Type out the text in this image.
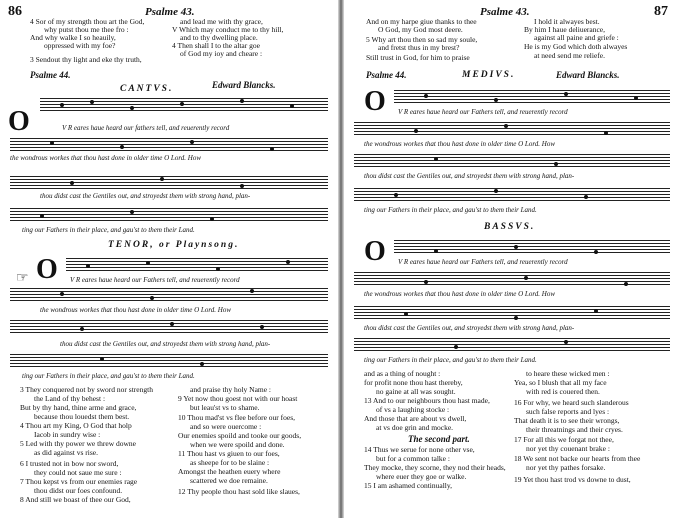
86	Psalme 43.
4 Sor of my strength thou art the God,
why putst thou me thee fro :
And why walke I so heauily,
oppressed with my foe?
3 Sendout thy light and eke thy truth,
and lead me with thy grace,
V Which may conduct me to thy hill,
and to thy dwelling place.
4 Then shall I to the altar goe
of God my ioy and cheare :
Psalme 44.
CANTVS.	Edward Blancks.
O	V R eares haue heard our fathers tell, and reuerently record
the wondrous workes that thou hast done in older time O Lord. How
thou didst cast the Gentiles out, and stroyedst them with strong hand, plan-
ting our Fathers in their place, and gau'st to them their Land.
TENOR, or Playnsong.
☞ O V R eares haue heard our Fathers tell, and reuerently record
the wondrous workes that thou hast done in older time O Lord. How
thou didst cast the Gentiles out, and stroyedst them with strong hand, plan-
ting our Fathers in their place, and gau'st to them their Land.
3 They conquered not by sword nor strength
the Land of thy behest :
But by thy hand, thine arme and grace,
because thou louedst them best.
4 Thou art my King, O God that holp
Iacob in sundry wise :
5 Led with thy power we threw downe
as did against vs rise.
6 I trusted not in bow nor sword,
they could not saue me sure :
7 Thou kepst vs from our enemies rage
thou didst our foes confound.
8 And still we boast of thee our God,
and praise thy holy Name :
9 Yet now thou goest not with our hoast
but leau'st vs to shame.
10 Thou mad'st vs flee before our foes,
and so were ouercome :
Our enemies spoild and tooke our goods,
when we were spoild and done.
11 Thou hast vs giuen to our foes,
as sheepe for to be slaine :
Amongst the heathen euery where
scattered we doe remaine.
12 Thy people thou hast sold like slaues,
Psalme 43.	87
And on my harpe giue thanks to thee
O God, my God most deere.
5 Why art thou then so sad my soule,
and fretst thus in my brest?
Still trust in God, for him to praise
I hold it alwayes best.
By him I haue deliuerance,
against all paine and griefe :
He is my God which doth alwayes
at need send me reliefe.
Psalme 44.	MEDIVS.	Edward Blancks.
O V R eares haue heard our Fathers tell, and reuerently record
the wondrous workes that thou hast done in older time O Lord. How
thou didst cast the Gentiles out, and stroyedst them with strong hand, plan-
ting our Fathers in their place, and gau'st to them their Land.
BASSVS.
O V R eares haue heard our Fathers tell, and reuerently record
the wondrous workes that thou hast done in older time O Lord. How
thou didst cast the Gentiles out, and stroyedst them with strong hand, plan-
ting our Fathers in their place, and gau'st to them their Land.
and as a thing of nought :
for profit none thou hast thereby,
no gaine at all was sought.
13 And to our neighbours thou hast made,
of vs a laughing stocke :
And those that are about vs dwell,
at vs doe grin and mocke.
The second part.
14 Thus we serue for none other vse,
but for a common talke :
They mocke, they scorne, they nod their heads,
where euer they goe or walke.
15 I am ashamed continually,
to heare these wicked men :
Yea, so I blush that all my face
with red is couered then.
16 For why, we heard such slanderous
such false reports and lyes :
That death it is to see their wrongs,
their threatnings and their cryes.
17 For all this we forgat not thee,
nor yet thy couenant brake :
18 We sent not backe our hearts from thee
nor yet thy pathes forsake.
19 Yet thou hast trod vs downe to dust,
